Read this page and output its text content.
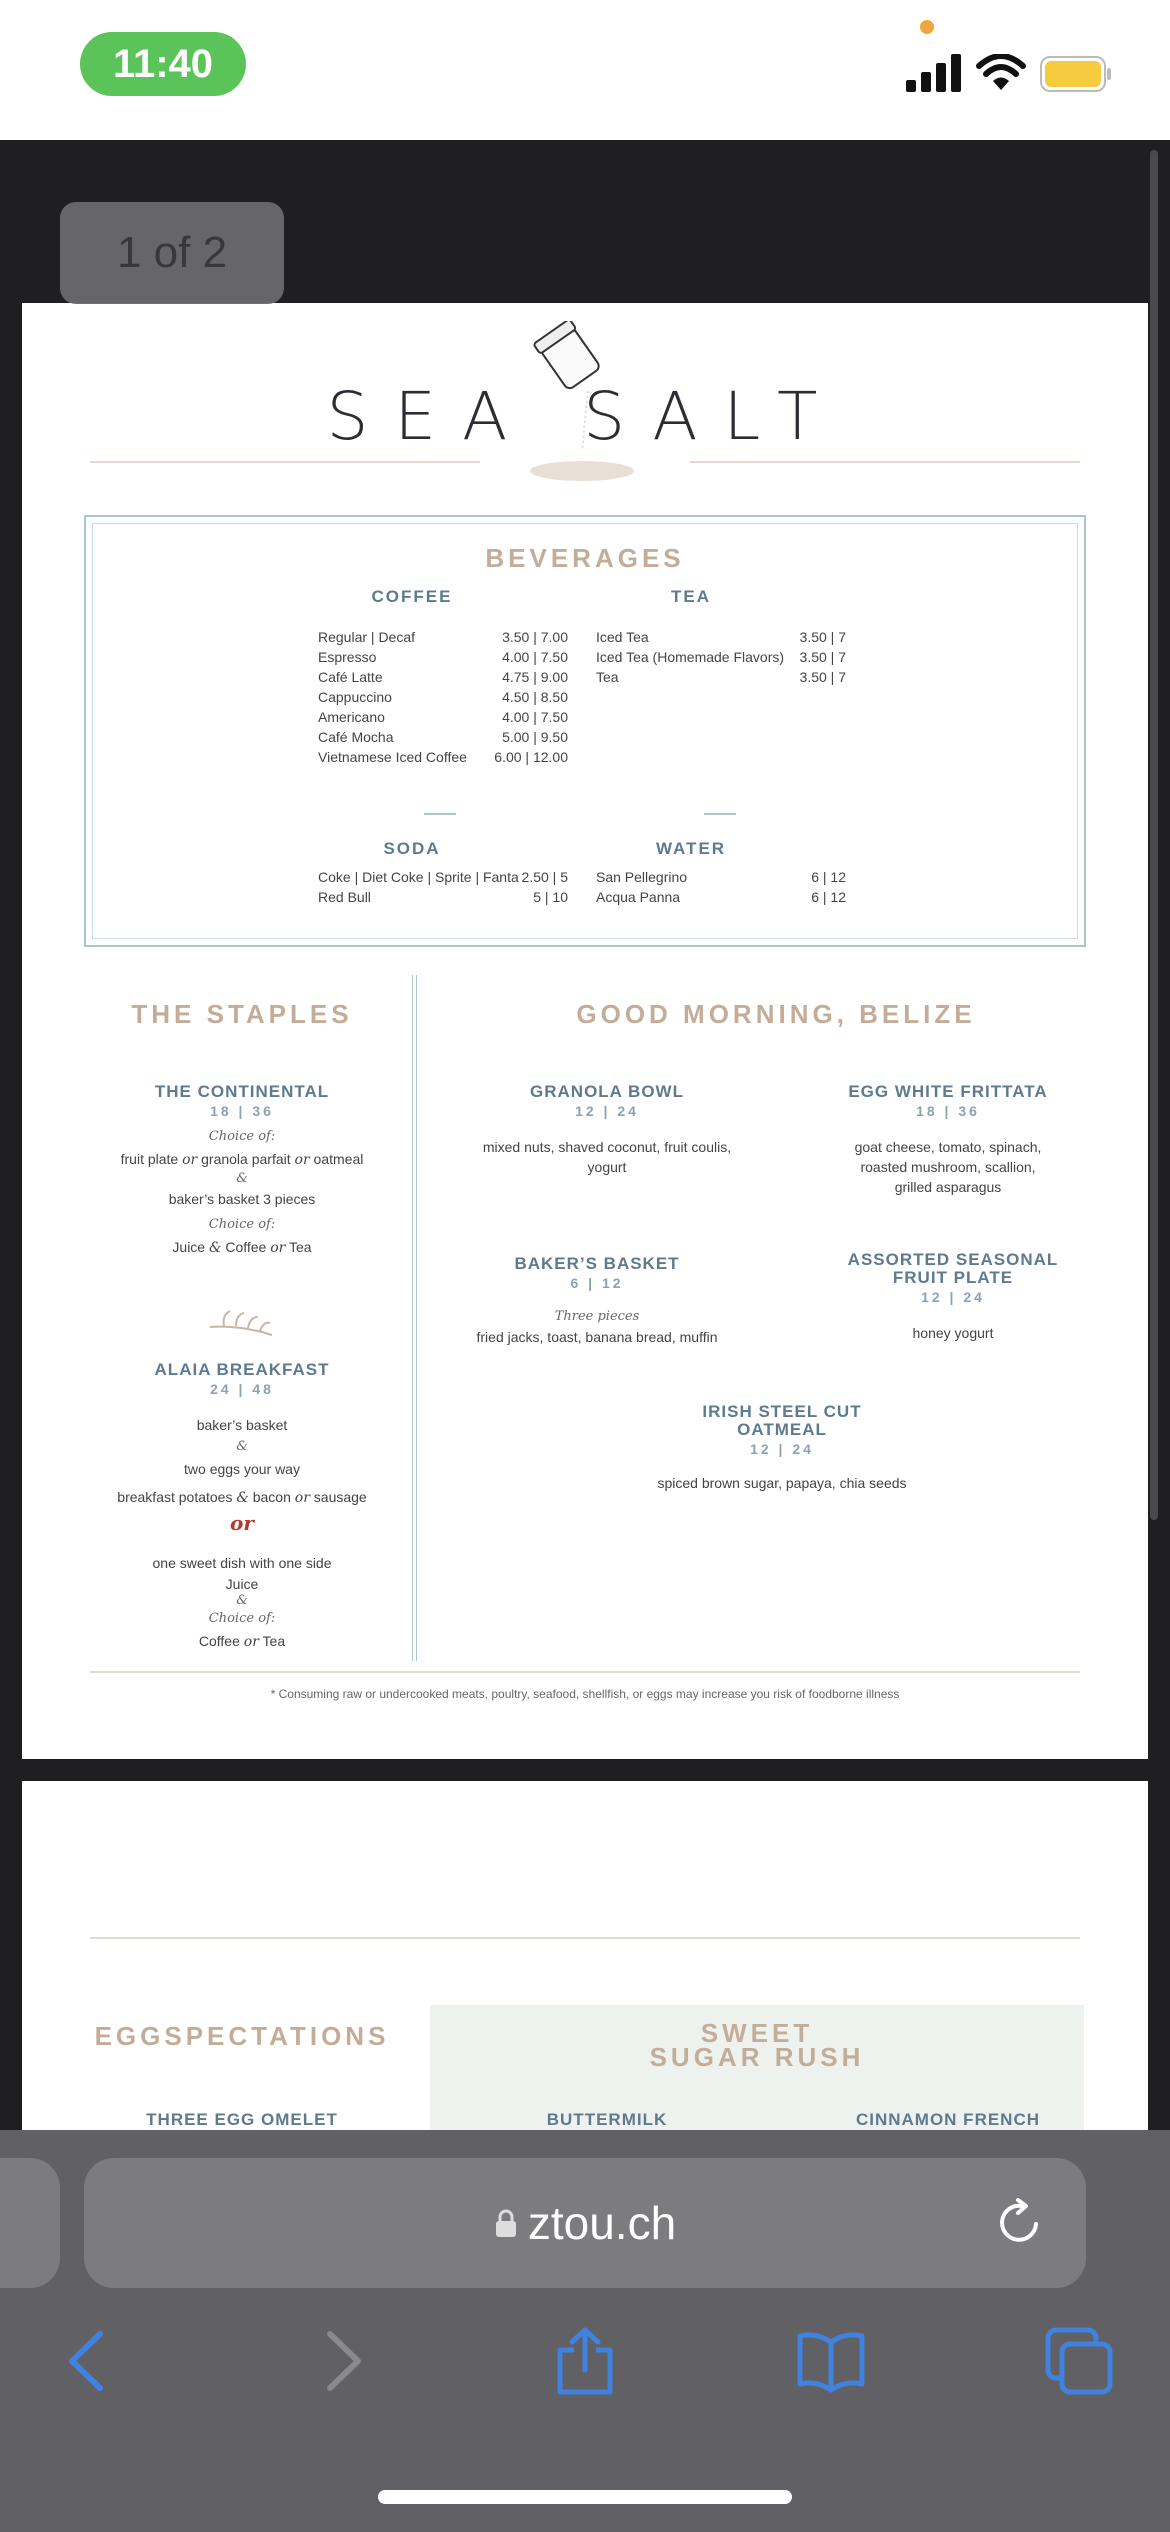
11:40
1 of 2
SEA SALT
BEVERAGES
COFFEE
Regular | Decaf	3.50 | 7.00
Espresso	4.00 | 7.50
Café Latte	4.75 | 9.00
Cappuccino	4.50 | 8.50
Americano	4.00 | 7.50
Café Mocha	5.00 | 9.50
Vietnamese Iced Coffee 6.00 | 12.00
TEA
Iced Tea	3.50 | 7
Iced Tea (Homemade Flavors) 3.50 | 7
Tea	3.50 | 7
SODA
Coke | Diet Coke | Sprite | Fanta 2.50 | 5
Red Bull	5 | 10
WATER
San Pellegrino	6 | 12
Acqua Panna	6 | 12
THE STAPLES
THE CONTINENTAL
18 | 36
Choice of:
fruit plate or granola parfait or oatmeal
&
baker’s basket 3 pieces
Choice of:
Juice & Coffee or Tea
ALAIA BREAKFAST
24 | 48
baker’s basket
&
two eggs your way
breakfast potatoes & bacon or sausage
or
one sweet dish with one side
Juice
&
Choice of:
Coffee or Tea
GOOD MORNING, BELIZE
GRANOLA BOWL
12 | 24
mixed nuts, shaved coconut, fruit coulis,
yogurt
EGG WHITE FRITTATA
18 | 36
goat cheese, tomato, spinach,
roasted mushroom, scallion,
grilled asparagus
BAKER’S BASKET
6 | 12
Three pieces
fried jacks, toast, banana bread, muffin
ASSORTED SEASONAL
FRUIT PLATE
12 | 24
honey yogurt
IRISH STEEL CUT
OATMEAL
12 | 24
spiced brown sugar, papaya, chia seeds
* Consuming raw or undercooked meats, poultry, seafood, shellfish, or eggs may increase you risk of foodborne illness
EGGSPECTATIONS	SWEET
SUGAR RUSH
THREE EGG OMELET	BUTTERMILK	CINNAMON FRENCH

ztou.ch
